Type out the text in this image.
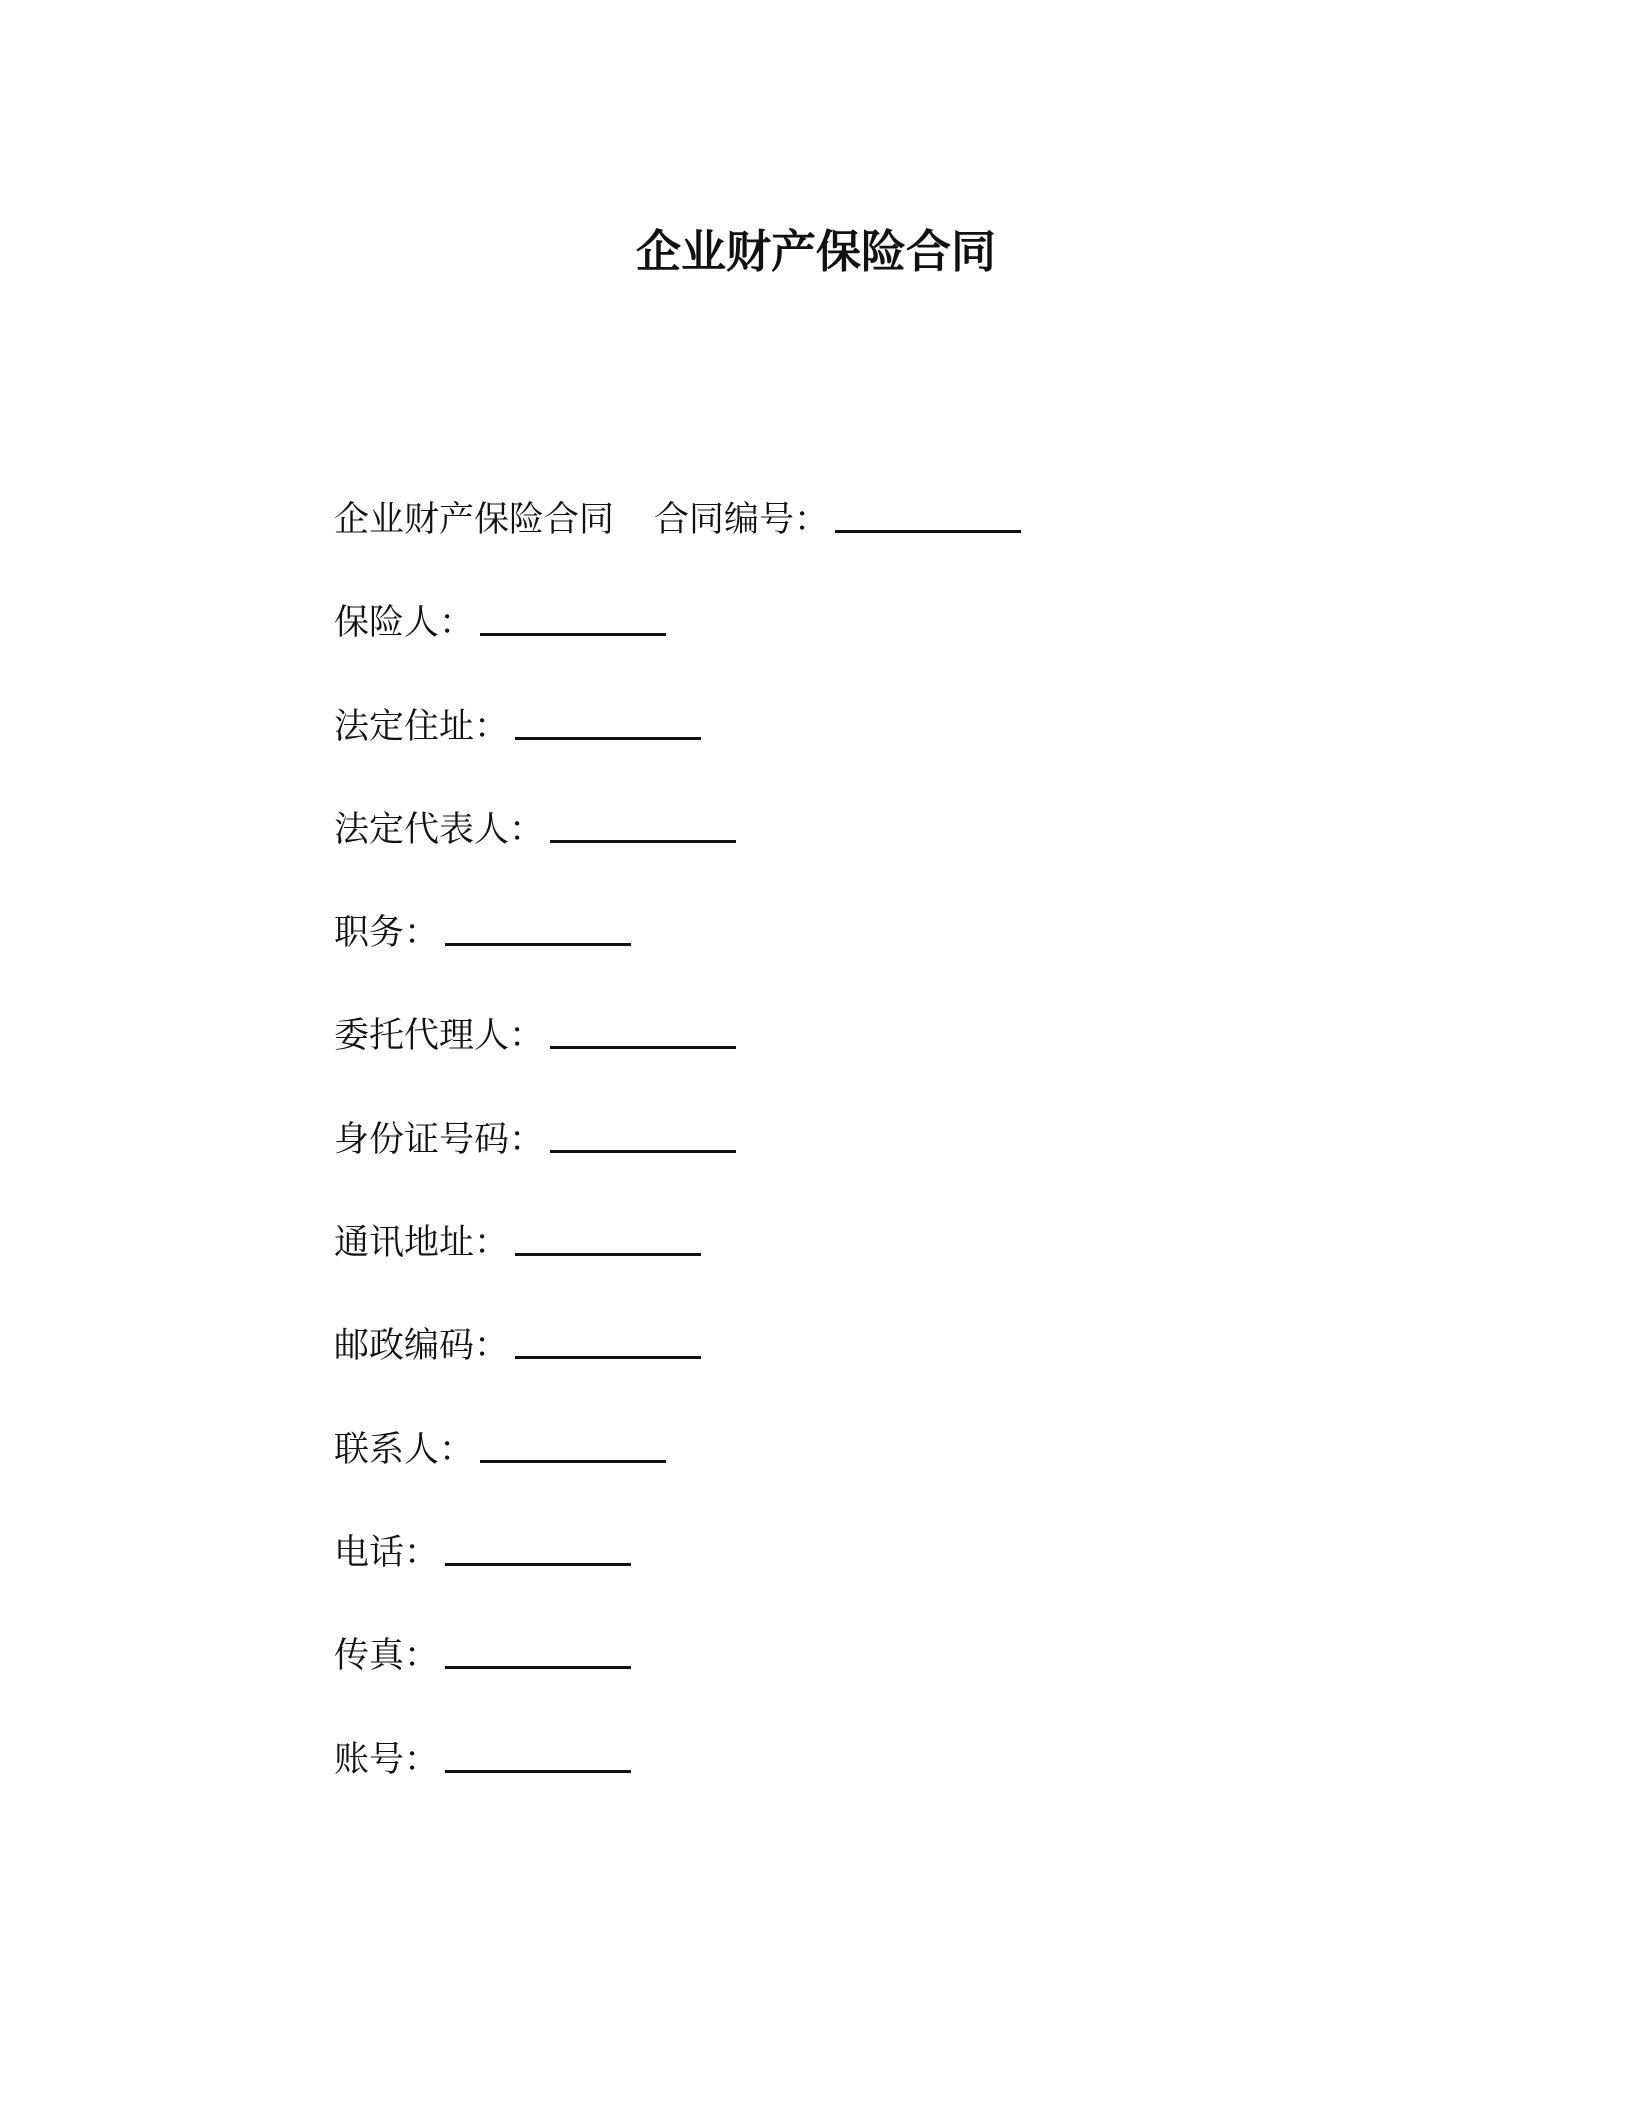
企业财产保险合同
企业财产保险合同 合同编号：
保险人：
法定住址：
法定代表人：
职务：
委托代理人：
身份证号码：
通讯地址：
邮政编码：
联系人：
电话：
传真：
账号：
